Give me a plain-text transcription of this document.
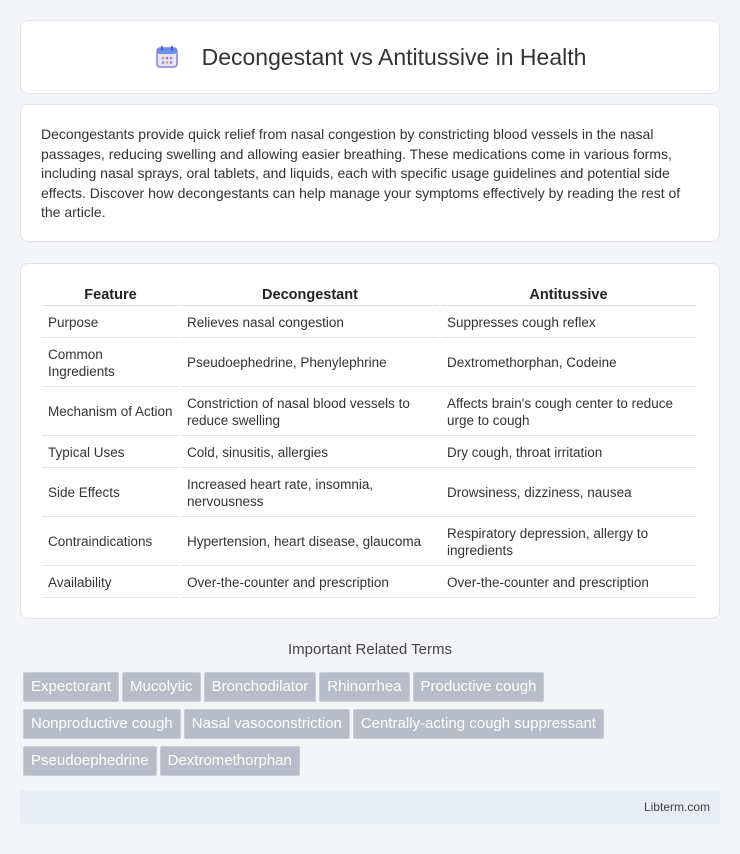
Decongestant vs Antitussive in Health

Decongestants provide quick relief from nasal congestion by constricting blood vessels in the nasal passages, reducing swelling and allowing easier breathing. These medications come in various forms, including nasal sprays, oral tablets, and liquids, each with specific usage guidelines and potential side effects. Discover how decongestants can help manage your symptoms effectively by reading the rest of the article.

Feature	Decongestant	Antitussive
Purpose	Relieves nasal congestion	Suppresses cough reflex
Common Ingredients	Pseudoephedrine, Phenylephrine	Dextromethorphan, Codeine
Mechanism of Action	Constriction of nasal blood vessels to reduce swelling	Affects brain's cough center to reduce urge to cough
Typical Uses	Cold, sinusitis, allergies	Dry cough, throat irritation
Side Effects	Increased heart rate, insomnia, nervousness	Drowsiness, dizziness, nausea
Contraindications	Hypertension, heart disease, glaucoma	Respiratory depression, allergy to ingredients
Availability	Over-the-counter and prescription	Over-the-counter and prescription
Important Related Terms
Expectorant Mucolytic Bronchodilator Rhinorrhea Productive cough
Nonproductive cough Nasal vasoconstriction Centrally-acting cough suppressant
Pseudoephedrine Dextromethorphan
Libterm.com
